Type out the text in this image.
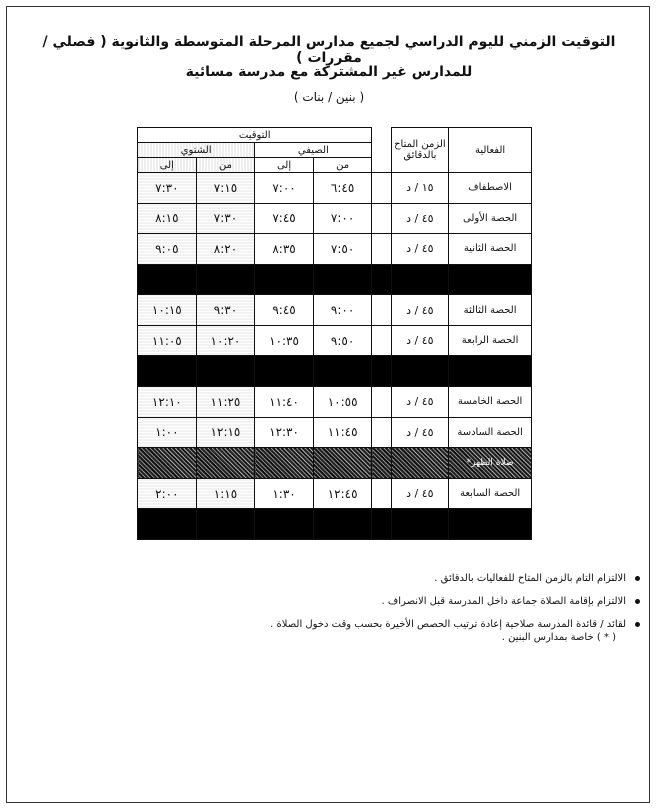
التوقيت الزمني لليوم الدراسي لجميع مدارس المرحلة المتوسطة والثانوية ( فصلي / مقررات )
للمدارس غير المشتركة مع مدرسة مسائية
( بنين / بنات )
الفعالية	الزمن المتاح بالدقائق		التوقيت			
			الصيفي		الشتوي	
			من	إلى	من	إلى
الاصطفاف	١٥ / د		٦:٤٥	٧:٠٠	٧:١٥	٧:٣٠
الحصة الأولى	٤٥ / د		٧:٠٠	٧:٤٥	٧:٣٠	٨:١٥
الحصة الثانية	٤٥ / د		٧:٥٠	٨:٣٥	٨:٢٠	٩:٠٥

الحصة الثالثة	٤٥ / د		٩:٠٠	٩:٤٥	٩:٣٠	١٠:١٥
الحصة الرابعة	٤٥ / د		٩:٥٠	١٠:٣٥	١٠:٢٠	١١:٠٥

الحصة الخامسة	٤٥ / د		١٠:٥٥	١١:٤٠	١١:٢٥	١٢:١٠
الحصة السادسة	٤٥ / د		١١:٤٥	١٢:٣٠	١٢:١٥	١:٠٠
صلاة الظهر*						
الحصة السابعة	٤٥ / د		١٢:٤٥	١:٣٠	١:١٥	٢:٠٠

الالتزام التام بالزمن المتاح للفعاليات بالدقائق .
الالتزام بإقامة الصلاة جماعة داخل المدرسة قبل الانصراف .
لقائد / قائدة المدرسة صلاحية إعادة ترتيب الحصص الأخيرة بحسب وقت دخول الصلاة .
( * ) خاصة بمدارس البنين .
